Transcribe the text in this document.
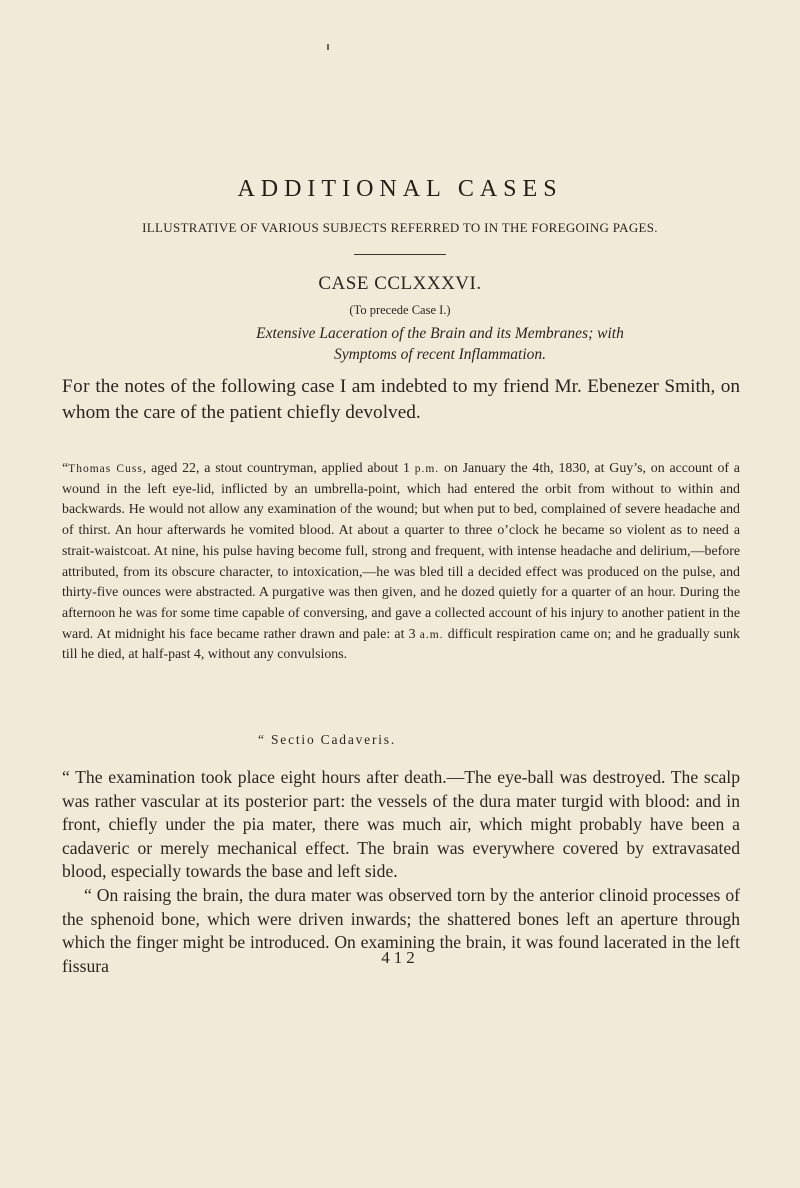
ADDITIONAL CASES
ILLUSTRATIVE OF VARIOUS SUBJECTS REFERRED TO IN THE FOREGOING PAGES.
CASE CCLXXXVI.
(To precede Case I.)
Extensive Laceration of the Brain and its Membranes; with Symptoms of recent Inflammation.
For the notes of the following case I am indebted to my friend Mr. Ebenezer Smith, on whom the care of the patient chiefly devolved.
“Thomas Cuss, aged 22, a stout countryman, applied about 1 p.m. on January the 4th, 1830, at Guy’s, on account of a wound in the left eye-lid, inflicted by an umbrella-point, which had entered the orbit from without to within and backwards. He would not allow any examination of the wound; but when put to bed, complained of severe headache and of thirst. An hour afterwards he vomited blood. At about a quarter to three o’clock he became so violent as to need a strait-waistcoat. At nine, his pulse having become full, strong and frequent, with intense headache and delirium,—before attributed, from its obscure character, to intoxication,—he was bled till a decided effect was produced on the pulse, and thirty-five ounces were abstracted. A purgative was then given, and he dozed quietly for a quarter of an hour. During the afternoon he was for some time capable of conversing, and gave a collected account of his injury to another patient in the ward. At midnight his face became rather drawn and pale: at 3 a.m. difficult respiration came on; and he gradually sunk till he died, at half-past 4, without any convulsions.
“ Sectio Cadaveris.

“ The examination took place eight hours after death.—The eye-ball was destroyed. The scalp was rather vascular at its posterior part: the vessels of the dura mater turgid with blood: and in front, chiefly under the pia mater, there was much air, which might probably have been a cadaveric or merely mechanical effect. The brain was everywhere covered by extravasated blood, especially towards the base and left side.

“ On raising the brain, the dura mater was observed torn by the anterior clinoid processes of the sphenoid bone, which were driven inwards; the shattered bones left an aperture through which the finger might be introduced. On examining the brain, it was found lacerated in the left fissura	412
